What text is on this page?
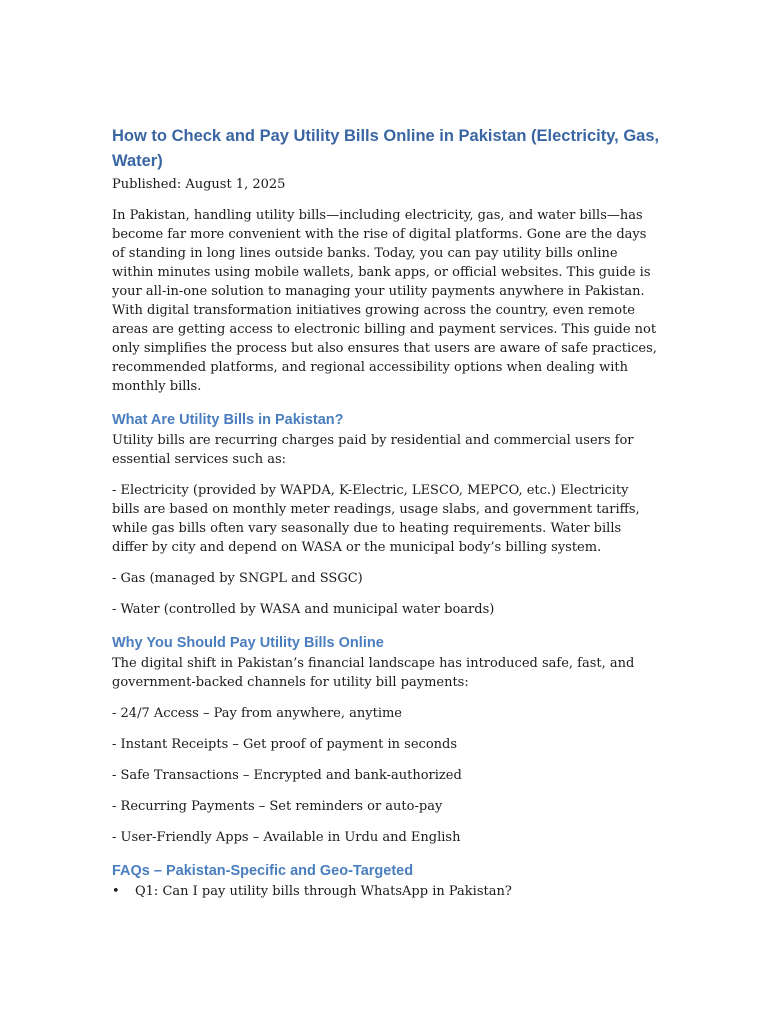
How to Check and Pay Utility Bills Online in Pakistan (Electricity, Gas, Water)

Published: August 1, 2025

In Pakistan, handling utility bills—including electricity, gas, and water bills—has become far more convenient with the rise of digital platforms. Gone are the days of standing in long lines outside banks. Today, you can pay utility bills online within minutes using mobile wallets, bank apps, or official websites. This guide is your all-in-one solution to managing your utility payments anywhere in Pakistan. With digital transformation initiatives growing across the country, even remote areas are getting access to electronic billing and payment services. This guide not only simplifies the process but also ensures that users are aware of safe practices, recommended platforms, and regional accessibility options when dealing with monthly bills.

What Are Utility Bills in Pakistan?

Utility bills are recurring charges paid by residential and commercial users for essential services such as:

- Electricity (provided by WAPDA, K-Electric, LESCO, MEPCO, etc.) Electricity bills are based on monthly meter readings, usage slabs, and government tariffs, while gas bills often vary seasonally due to heating requirements. Water bills differ by city and depend on WASA or the municipal body’s billing system.

- Gas (managed by SNGPL and SSGC)

- Water (controlled by WASA and municipal water boards)

Why You Should Pay Utility Bills Online

The digital shift in Pakistan’s financial landscape has introduced safe, fast, and government-backed channels for utility bill payments:

- 24/7 Access – Pay from anywhere, anytime

- Instant Receipts – Get proof of payment in seconds

- Safe Transactions – Encrypted and bank-authorized

- Recurring Payments – Set reminders or auto-pay

- User-Friendly Apps – Available in Urdu and English

FAQs – Pakistan-Specific and Geo-Targeted
• Q1: Can I pay utility bills through WhatsApp in Pakistan?
